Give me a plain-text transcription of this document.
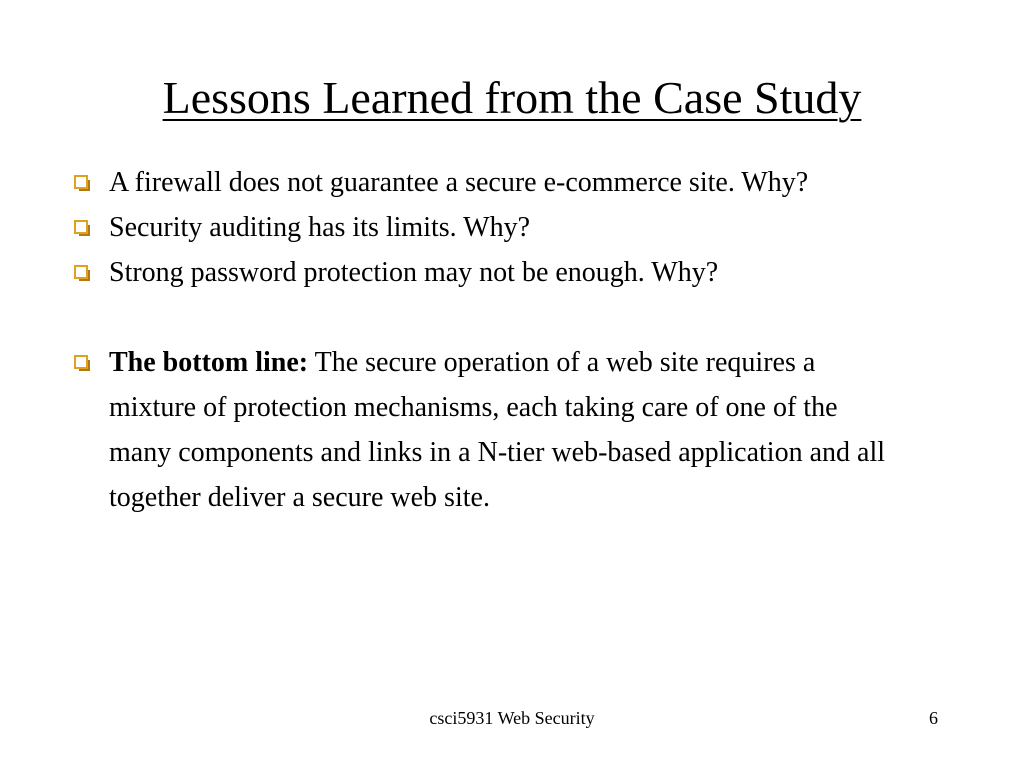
Lessons Learned from the Case Study
A firewall does not guarantee a secure e-commerce site. Why?
Security auditing has its limits. Why?
Strong password protection may not be enough. Why?
The bottom line: The secure operation of a web site requires a mixture of protection mechanisms, each taking care of one of the many components and links in a N-tier web-based application and all together deliver a secure web site.
csci5931 Web Security	6
